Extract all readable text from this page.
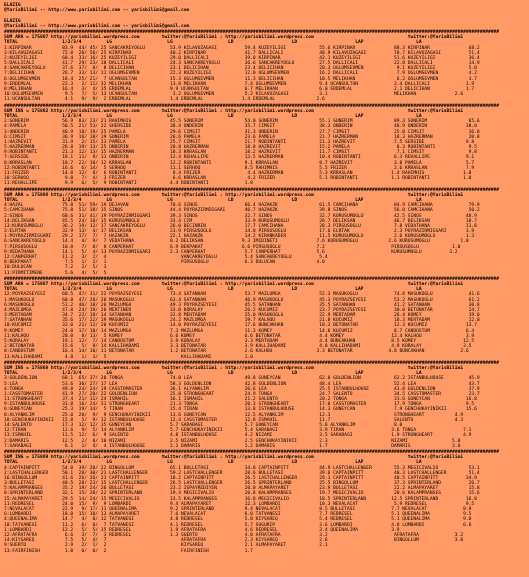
ELAZIG
@YarisBilimi -- http://www.yarisbilimi.com -- yarisbilimi@gmail.com
ELAZIG
@YarisBilimi -- http://www.yarisbilimi.com -- yarisbilimi@gmail.com
###################################################################################################################################################################################
SUM ARA = 175867 http://yarisbilimi.wordpress.com        twitter:@YarisBilimi : http://yarisbilimi.wordpress.com                                  twitter:@YarisBilimi
TOTAL                1/2/3/4         LG                    LG                    LD                     LD                     LAP                   LA
1:KIRPINAR           83.9  44/ 45/ 25 SANCAKREYOGLU         53.9 KILAVUZAGASI          59.4 KUZEYILIGI            55.6 KIRPINAR              88.3 KIRPINAR              68.2
3:KILAVUZAGASI       72.8  20/ 56/ 25 KIRPINAR              40.2 KIRPINAR              41.7 DALLICALI             48.9 KILAVUZAGASI          78.7 KILAVUZAGASI          51.4
2:KUZEYILIGI         60.4  33/ 16/ 25 KUZEYILIGI            29.0 DALLICALI             39.0 KIRPINAR              42.1 KUZEYILIGI            51.6 KUZEYILIGI            36.4
5:DALLICALI          41.7  29/ 23/ 18 DALLICALI             24.3 SANCAKREYOGLU         36.6 SANCAKREYOGLU         27.5 DALLICALI             22.8 DALLICALI             14.9
4:SANCAKREYOGLU      37.6  37/  8/  8 DELICIHAN             23.1 DELICIHAN             23.4 DELICIHAN             20.3 OGLUMSEVMEN            9.1 KUZEYILIGI            5.0
7:DELICIHAN          26.7  33/ 13/ 11 OGLUMSEVMEN           22.3 KUZEYILIGI            12.0 OGLUMSEVMEN           16.2 DALLICALI              7.9 OGLUMSEVMEN           4.2
6:OGLUMSEVMEN        18.4  25/ 21/  7 UCANSULTAN            15.3 OGLUMSEVMEN           11.3 DELICIHAN             10.5 MELIKHAN               6.2 OGLUMSEVMEN           3.7
9:ERDEMLAL           22.3   2/ 11/ 32 MELIKHAN              13.8 MELIKHAN              7.4 OGLUMSEVMEN            9.4 UCANSULTAN             2.4 DALLICALI             1.9
8:MELIKHAN           16.4   3/  4/ 15 ERDEMLAL              9.9 UCANSULTAN             6.7 MELIKHAN               6.0 ERDEMLAL               2.1 DELICIHAN             1.7
10:OGLUMSEVMEN        9.5   7/  5/ 13 UCANSULTAN             3.2 OGLUMSEVMEN           5.2 KILAVUZAGASI           3.1                        MELIKHAN              2.6
11:UCANSULTAN         4.1   9/  9/  2 ERDEMLAL              1.4 ERDEMLAL              1.4 ERDEMLAL               2.6
###################################################################################################################################################################################
SUM INS = 175862 http://yarisbilimi.wordpress.com        twitter:@YarisBilimi : http://yarisbilimi.wordpress.com                                  twitter:@YarisBilimi
TOTAL                1/2/3/4         LG                    LG                    LD                     LD                     LAP                   LA
2:SONERIM            56.9  83/ 23/ 21 RAHIMHIS              45.5 SONERIM               54.0 SONERIM               55.1 SONERIM               89.3 SONERIM               65.6
4:PAMELA             50.5  21/ 53/ 22 SHERSIDE              38.4 ONDERIN               35.7 CIMSIT                38.3 ONDERIN               48.9 ONDERIN              38.0
3:ONDERIN            40.9  18/ 19/ 25 PAMELA                29.6 CIMSIT                31.3 ONDERIN               27.7 CIMSIT                25.0 CIMSIT                16.0
6:CIMSIT             36.9  16/ 18/ 19 SONERIM               26.6 PAMELA                23.6 PAMELA                21.7 HAZRERMAN             18.3 HAZRERMAN             20.8
1:HAZREVIT           31.9   2/ 15/ 23 PAMELA                25.7 CIMSIT                21.7 ROBINTANTI            21.3 HAZREVIT              7.5 SERSIDE               9.8
5:HAZRERMAN          26.8  19/ 13/ 25 ONDERIN               20.8 HAZRERMAN             18.8 HAZREVIT              15.2 PAMELA                 8.3 ROBINTANTI            9.5
9:ROBINTANTI         21.3  12/ 13/ 15 HAZRERMAN             18.3 KRRASLAN              18.2 HAZREVIT              11.7 CIMSIT                 7.1 CIMSIT                9.8
7:SERSIDE            18.1  11/  9/ 11 ONDERIN               12.4 REHALLIPE             13.5 HAZRERMAN             10.4 ROBINTANTI            6.3 REHALLIPE             9.1
8:KRRASLAN           18.7  22/ 10/ 12 KRRASLAN              12.2 ROBINTANTI            9.1 KRRASLAN               8.7 HAZREVIT               3.8 PAMELA                5.7
12:ROBINTANTI        16.6   6/ 14/  5 SERHOQ                11.1 SERHOQ                8.5 RAHIMHIS               5.5 FRIZER                 2.6 KRRASLAN              7.9
11:FRIZER            14.8  12/  8/  6 ROBINTANTI             8.4 FRIZER                 4.4 HAZRERMAN             5.3 KRRASLAN              1.4 RAHIMHIS              1.0
10:SERHOQ             9.0   7/  4/  3 FRIZER                 6.6 KRRASLAN               4.2 FRIZER                5.1 ROBINTANTI            1.1 ROBINTANTI            1.0
11:REHALLIPE          9.9   6/  5/  9 ROBINTANTI            4.4 ROBINTANTI             1.8
###################################################################################################################################################################################
SUM ARA = 175866 http://yarisbilimi.wordpress.com        twitter:@YarisBilimi : http://yarisbilimi.wordpress.com                                  twitter:@YarisBilimi
TOTAL                1/2/3/4         LG                    LG                    LD                     LD                     LAP                   LA
4:HAZAL              75.8  51/ 59/ 19 DEJAVAN               70.6 SINOS                 66.4 HAZAKZK               61.5 CAMCIHANA             84.9 CAMCIHANA             79.9
5:CAMCIHANA          75.8  51/ 38/ 15 SINOS                 44.4 POYRAZIRMIGGARI       46.7 HAZAKZK               39.8 SINOS                 56.0 CAMCIHANA             50.2
2:SINOS              60.6  31/ 41/ 19 POYRAZIRMIGGARI       39.3 SINOS                 32.7 SINOS                 32.7 KURUSUMOGLU           42.5 SINOS                48.9
14:DELIKSAN          45.5  24/ 18/ 15 KURUSUMOGLU           33.4 CIM                   33.9 KURUSUMOGLU           28.7 DELIKSAN              46.7 DELIKSAN             18.7
13:KURUSUMOGLU       36.2  19/ 12/ 17 SANCAKREYOGLU         26.0 BECINRIN              17.7 CAMCIHANA             28.3 PIRSUSOGLU            7.8 VEDATHANA             11.8
3:ELRTAK             32.9  13/  4/ 17 DELIKSAN              23.9 PIRSUSOGLU            14.0 PIRSUSOGLU            17.6 ELRTAK                2.3 POYRAZIRMIGGARI       1.9
1:POYRAZIRMIGGARI    29.2  17/  7/  7 HAZAKZK               22.1 HAZAKZK               14.2 KIRANKADER            11.5 KURUSUMOGLU           2.6 KURUSUMOGLU           1.3
6:SANCAKREYOGLU      14.4   4/  9/  7 VEDATHANA             8.2 DELIKSAN              9.3 IMIDINETI              7.6 KURUSUMOGLU           2.6 KURUSUMOGLU           1.0
7:PIRSUSOGLU         10.8   7/  8/  8 CANPERHAT             6.9 BEKPAKAT              6.6 PIRSUSOGLU             7.2                        PIRSUSOGLU            1.0
9:VEDATHANA          14.1   5/  4/ 13 POYRAZIRMIGGARI       2.3 CANPERHAT              5.7 CANPERHAT             5.6                        KURUSUMOGLU          3.2
12:CANPERHAT         11.2   3/  2/  4                           VANCAKREYOGLU          5.4 SANCAKREYOGLU          5.4
8:BEKPAKAT            7.5   1/  2/  1                           PIRSUSOGLU             6.3 DULUCAN               4.0
10:DULUCAN            7.2   2/  5/  3
11:PIRMITIMENE        5.6   4/  5/  5
###################################################################################################################################################################################
SUM ARA = 175867 http://yarisbilimi.wordpress.com        twitter:@YarisBilimi : http://yarisbilimi.wordpress.com                                  twitter:@YarisBilimi
TOTAL                1/2/3/4         LG                    LG                    LD                     LD                     LAP                   LA
12:POYRAZSEYESI      68.5  47/ 31/ 22 POYRAZSEYESI          73.4 SATANHAN              53.7 MAZLUMGA              52.3 MASUKOGLU             74.8 MASUKOGLU             41.6
1:MASUKOGLU          60.0  47/ 28/ 20 MASUKOGLU             63.4 SATANHAN              46.9 MASUKOGLU             45.3 POYRAZSEYESI          53.2 MASUKOGLU             61.2
6:MASUKOGLU          51.2  46/ 18/ 26 MAZLUMGA              49.3 POYRAZSEYESI          45.5 SATANHAN              35.5 SATANHAN              41.2 SATANHAN              30.8
4:MAZLUMGA           47.8  24/ 19/ 20 MERTINER              33.0 KORALAY               26.2 KUCUMIZ               23.7 POYRAZSEYESI          30.0 BETONATAR             24.7
3:MERTADAM           34.7  22/ 18/ 14 SATANHAN              32.8 MEHTADAM              25.0 MASUKOGLU             22.9 MERTADAM              26.4 KOMEY                 19.0
7:SATANHAN           35.6  17/ 22/ 19 MASUKOGLU             24.2 MAZLUMGA              19.7 KALHOU                21.8 KUCUMIZ               18.3 MERTADAM              12.0
10:KUCUMIZ           32.0  21/ 12/ 20 KUCUMIZ               14.0 POYRAZSEYESI          17.6 BUNCAKHAN             18.3 BETONATAR             12.3 KUCUMIZ              13.7
9:KOMEY              24.0  17/ 10/ 14 MAZLUMGA              7.3 MAZLUMGA               11.3 KOMEY                 14.6 KUCUMIZ               8.7 CANDOSTUM             6.4
11:KALHOU            20.0   8/ 13/  5 KOMEY                 6.6 KOMEY                  6.6 BETONATAR              4.4 KOMEY                 12.4 KALHOU                3.9
5:KORALAY            19.1  12/  7/ 14 CANDOSTUM             3.9 KORALAY                3.3 MERTADAM               4.4 BUNCAKHAN             8.5 KOMEY                 12.5
2:BETONATAR          15.6   5/  8/ 14 KALLIHADAMI           3.3 BETONATAR              3.9 KALLIHADAMI            4.0 KALLIHADAMI           4.9 KORALAY               3.5
8:CANDOSTUM          16.4  14/ 10/ 11 BETONATAR             1.2 BETONATAR              2.6 KALHOU                3.3 BETONATAR             4.8 BUNCAKHAN             2.6
13:KALLIHADAMI        4.8   1/  3/  5                           KALLIHADAMI            1.0
###################################################################################################################################################################################
SUM INS = 175868 http://yarisbilimi.wordpress.com        twitter:@YarisBilimi : http://yarisbilimi.wordpress.com                                  twitter:@YarisBilimi
TOTAL                1/2/3/4         LG                    LG                    LD                     LD                     LAP                   LA
3:GOLDENLION         68.1  65/ 37/ 20 TONGA                 74.0 LEA                   49.8 GUNEYCAN              62.0 GOLDENLION            62.2 ISTANBULHOUSE         45.9
5:LEA                53.6  30/ 27/ 17 LEA                   58.3 GOLDENLION            42.8 GOLDENLION            48.4 LEA                   52.4 LEA                   43.7
4:TONGA              49.0  24/ 24/ 19 CASSTOMASTER          36.1 ALYANKLIM             26.6 LEA                   25.5 ISTANBULHOUSE         43.8 GOLDENLION            37.9
1:CASSTOMASTER       41.9  27/ 20/ 22 GOLDENLION            25.8 STRONGHEART           24.9 TONGA                 24.7 SALENTO               34.5 CASSTOMASTER          23.7
11:STRONGHEART       37.4  21/ 11/ 24 ISMAHIL               16.1 ISMAHIL               21.2 SALENTO               20.2 TONGA                 31.6 GUNEYCAN             16.8
9:ISTANBULHOUSE      31.8  16/ 24/ 31 STRONGHEART           21.3 TONGA                 20.3 STRONGHEART           17.0 CASSTOMASTER          17.9 TONGA                9.5
6:GUNEYCAN           25.3  19/ 14/  5 TIRAN                 15.4 TIRAN                 13.8 ISTANBULHOUSE         14.3 GUNEYCAN              7.9 GENCHUKAYINIKII       15.6
8:ALYANKLIM          25.0  20/  9/  9 GENCHUKAYINIKII       13.6 GUNEYCAN              12.5 ALYANKLIM             12.3                       STRONGHEART           4.9
10:GENCHUKAYINIKII   15.8   5/  9/ 12 ISTANBULHOUSE         12.4 CASSTOMASTER          12.8 ISMAHIL               11.7                       SALENTO               4.3
14:SALENTO           17.3  12/ 12/ 15 GUNEYCAN              5.7 SARABAGI               5.7 GUNEYCAN               5.6 ALYANKLIM              8.0
12:TIRAN             12.6   9/  5/ 14 ALYANKLIM             5.7 GENCHUKAYINIKII        5.4 SARABAGI               3.9 TIRAN                 3.6 TONGA                 7.1
13:ISMAHIL           11.5  12/  6/  9 SALENTO               4.8 ISTANBULHOUSE          4.2 NIZAMI                 3.5 SARABAGI              1.9 STRONGHEART           4.9
2:DAMARIS            12.5   2/  8/ 10 NIZAMI                2.5 NIZAMI                 2.5 GENCHUKAYINIKII        2.3                       NIZAMI                5.0
7:SARABAGI            6.1   1/  4/  4 ISTANBULHOUSE         2.1 DAMARIS                1.2 DAMARIS                1.7                       DAMARIS               3.0
###################################################################################################################################################################################
SUM ING = 175869 http://yarisbilimi.wordpress.com        twitter:@YarisBilimi : http://yarisbilimi.wordpress.com                                  twitter:@YarisBilimi
TOTAL                1/2/3/4         LG                    LG                    LD                     LD                     LAP                   LA
4:CAPTAINPITT        54.0  39/ 20/ 22 BINGOLLUM             65.1 BULLETASI             34.0 CAPTAINPITT           44.9 LASTCHALLENGER        55.3 MEGICIVALIO           53.1
2:LASTCHALLENGER     50.1  28/ 30/ 21 LASTCHALLENGER        59.2 LASTCHALLENGER        28.6 BULLETASI             39.6 CAPTAINPITT           40.3 LASTCHALLENGER        51.4
16:BINGOLLUM         41.6  26/ 26/ 21 CAPTAINPITT           18.2 CAPTAINPITT           26.5 LASTCHALLENGER        29.1 CAPTAINPITT           40.5 CAPTAINPITT          34.9
3:BULLETASI          40.5  28/ 23/ 15 LASTCHALLENGER        26.5 LASTCHALLENGER        26.5 SPRINTERLAND          25.5 BINGOLLUM             37.3 SPRINTERLAND          26.7
5:KALAMPRANSES       35.2  19/ 24/ 26 BULLETASI             23.2 ISPAYREDIYEN          20.0 ALMAPAYARET           23.9 BULLETASI             22.2 ALMAPAYARET           15.8
8:SPRINTERLAND       32.1  15/ 20/ 22 SPRINTERLAND          19.4 MEGICIVALIO           20.8 KALAMPRANSES          19.7 MEGICIVALIO           20.6 KALAMPRANSES          15.6
15:ALMAPAYARET       29.5  14/ 24/ 15 MEGICIVALIO           13.5 KALAMPRANSES          16.8 MEGICIVALIO           18.5 SPRINTERLAND         12.5 SPRINTERLAND          16.8
11:REDRESEL          24.0  15/  9/  9 LOMBARDI              9.4 ALMAPAYARET            12.3 LOMBARDI              10.3 NEVALACAT             5.9 REDRESEL              9.5
7:NEVALACAT          22.9   9/ 17/ 11 QUEENALIMA            9.2 SPRINTERLAND           9.4 NEVALACAT              8.5 BULLETASI             7.7 NEVALACAT             8.9
6:LOMBARDI           18.0  15/ 10/ 13 ALMAPAYARET           7.6 NEVALACAT              6.0 TATVANESI              7.7 REDRESEL              5.1 QUEENALIMA            9.5
4:QUEENALIMA         14.7   4/  8/ 12 TATVANESI             4.8 REDRESEL               5.8 KIYSAREQ               5.4 REDRESEL              5.1 QUEENALIMA            9.0
10:TATVANESI         11.2   6/  8/  7 TATVANESI             4.1 REDRESEL               5.7 SUGURIP                3.6 LOMBARDI              4.8 LOMBARDI              6.6
1:LOMBARDI           12.2   5/  5/ 15 REDRESEL              1.9 AFRATAFRA              4.6 REDRESEL               3.4 QUEENALIMA            3.9
12:AFRATAFRA          6.6   3/  7/  3 REDRESEL              1.3 SUERTO                 4.0 AFRATAFRA              3.2                        AFRATAFRA             3.2
14:KIYSAREQ           7.5   5/  4/  7                           AFRATAFRA              2.3 KIYSAREQ               2.6                        BINGOLLUM             3.0
9:SUERTO              2.9   2/  1/  2                           KIYSAREQ               2.1 ALMAPAYARET            2.1
13:FAIRFINISH         1.0   0/  0/  2                           FAIRFINISH             1.7
